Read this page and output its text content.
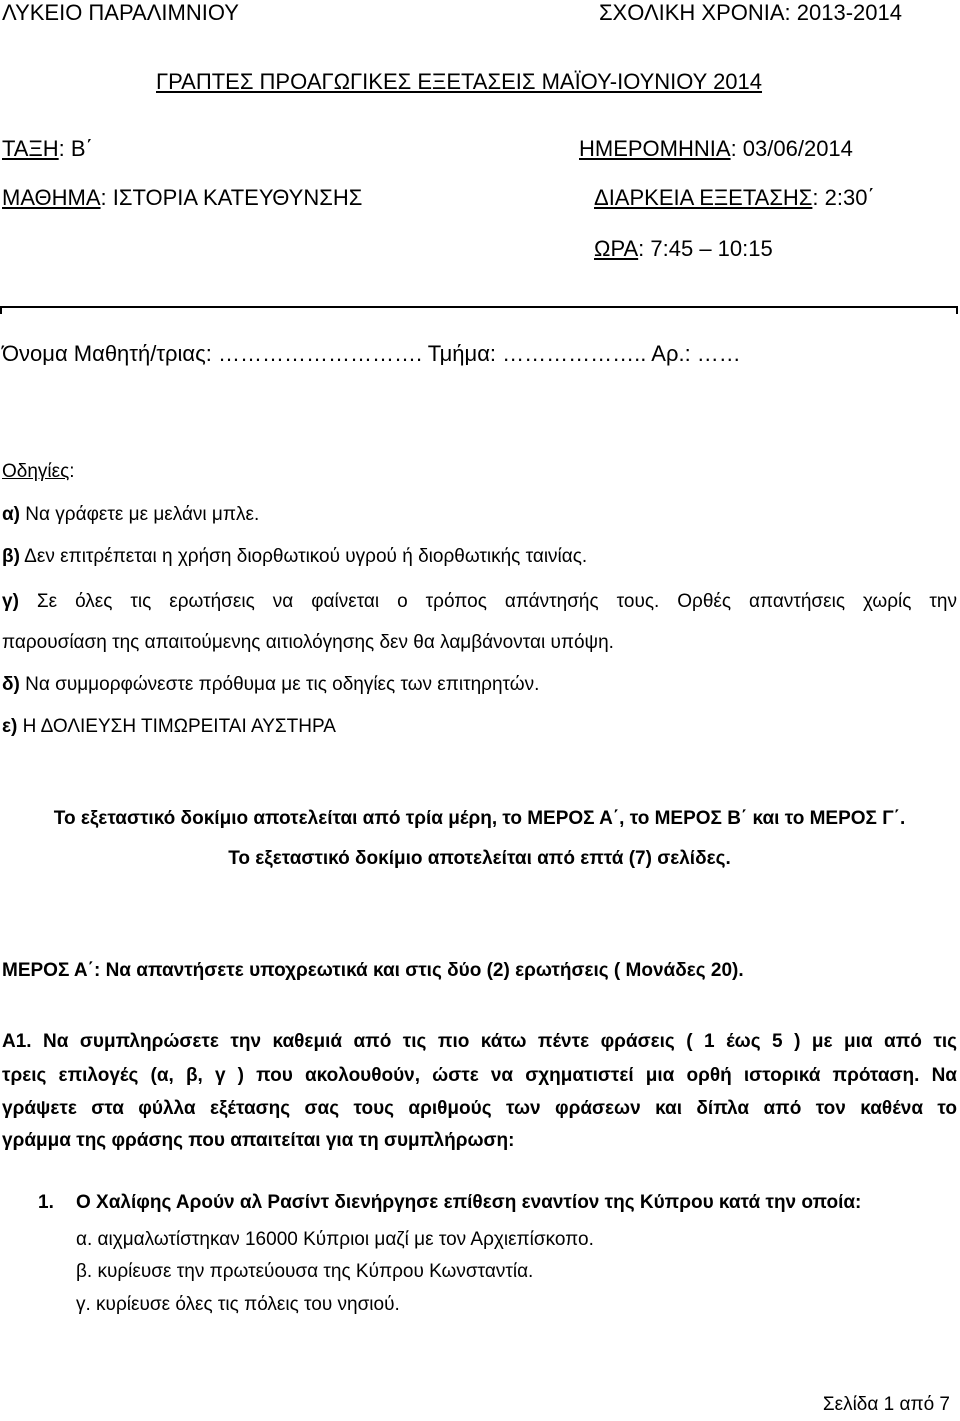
ΛΥΚΕΙΟ ΠΑΡΑΛΙΜΝΙΟΥ	ΣΧΟΛΙΚΗ ΧΡΟΝΙΑ: 2013-2014
ΓΡΑΠΤΕΣ ΠΡΟΑΓΩΓΙΚΕΣ ΕΞΕΤΑΣΕΙΣ ΜΑΪΟΥ-ΙΟΥΝΙΟΥ 2014
ΤΑΞΗ: Β΄	ΗΜΕΡΟΜΗΝΙΑ: 03/06/2014
ΜΑΘΗΜΑ: ΙΣΤΟΡΙΑ ΚΑΤΕΥΘΥΝΣΗΣ	ΔΙΑΡΚΕΙΑ ΕΞΕΤΑΣΗΣ: 2:30΄
ΩΡΑ: 7:45 – 10:15
Όνομα Μαθητή/τριας: ………………………. Τμήμα: ……………….. Αρ.: ……
Οδηγίες:
α) Να γράφετε με μελάνι μπλε.
β) Δεν επιτρέπεται η χρήση διορθωτικού υγρού ή διορθωτικής ταινίας.
γ) Σε όλες τις ερωτήσεις να φαίνεται ο τρόπος απάντησής τους. Ορθές απαντήσεις χωρίς την
παρουσίαση της απαιτούμενης αιτιολόγησης δεν θα λαμβάνονται υπόψη.
δ) Να συμμορφώνεστε πρόθυμα με τις οδηγίες των επιτηρητών.
ε) Η ΔΟΛΙΕΥΣΗ ΤΙΜΩΡΕΙΤΑΙ ΑΥΣΤΗΡΑ
Το εξεταστικό δοκίμιο αποτελείται από τρία μέρη, το ΜΕΡΟΣ Α΄, το ΜΕΡΟΣ Β΄ και το ΜΕΡΟΣ Γ΄.
Το εξεταστικό δοκίμιο αποτελείται από επτά (7) σελίδες.
ΜΕΡΟΣ Α΄: Να απαντήσετε υποχρεωτικά και στις δύο (2) ερωτήσεις ( Μονάδες 20).
Α1. Να συμπληρώσετε την καθεμιά από τις πιο κάτω πέντε φράσεις ( 1 έως 5 ) με μια από τις
τρεις επιλογές (α, β, γ ) που ακολουθούν, ώστε να σχηματιστεί μια ορθή ιστορικά πρόταση. Να
γράψετε στα φύλλα εξέτασης σας τους αριθμούς των φράσεων και δίπλα από τον καθένα το
γράμμα της φράσης που απαιτείται για τη συμπλήρωση:
1. Ο Χαλίφης Αρούν αλ Ρασίντ διενήργησε επίθεση εναντίον της Κύπρου κατά την οποία:
α. αιχμαλωτίστηκαν 16000 Κύπριοι μαζί με τον Αρχιεπίσκοπο.
β. κυρίευσε την πρωτεύουσα της Κύπρου Κωνσταντία.
γ. κυρίευσε όλες τις πόλεις του νησιού.
Σελίδα 1 από 7
